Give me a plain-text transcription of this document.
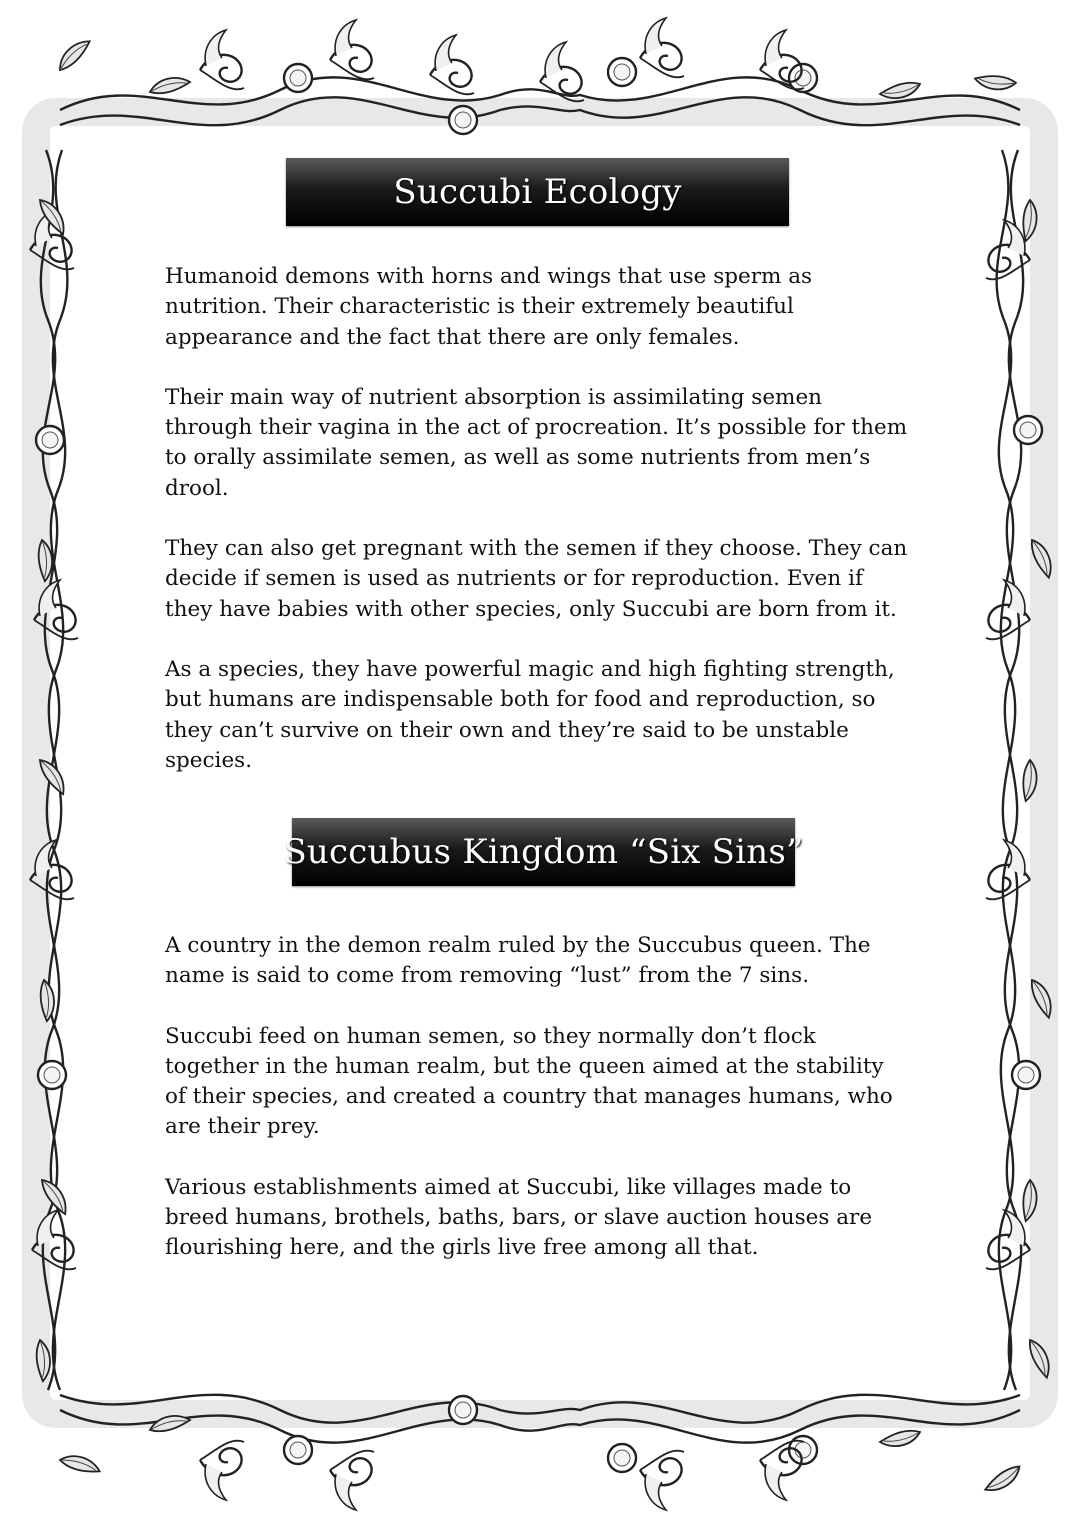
Succubi Ecology

Humanoid demons with horns and wings that use sperm as nutrition. Their characteristic is their extremely beautiful appearance and the fact that there are only females.

Their main way of nutrient absorption is assimilating semen through their vagina in the act of procreation. It’s possible for them to orally assimilate semen, as well as some nutrients from men’s drool.

They can also get pregnant with the semen if they choose. They can decide if semen is used as nutrients or for reproduction. Even if they have babies with other species, only Succubi are born from it.

As a species, they have powerful magic and high fighting strength, but humans are indispensable both for food and reproduction, so they can’t survive on their own and they’re said to be unstable species.

Succubus Kingdom “Six Sins”

A country in the demon realm ruled by the Succubus queen. The name is said to come from removing “lust” from the 7 sins.

Succubi feed on human semen, so they normally don’t flock together in the human realm, but the queen aimed at the stability of their species, and created a country that manages humans, who are their prey.

Various establishments aimed at Succubi, like villages made to breed humans, brothels, baths, bars, or slave auction houses are flourishing here, and the girls live free among all that.
